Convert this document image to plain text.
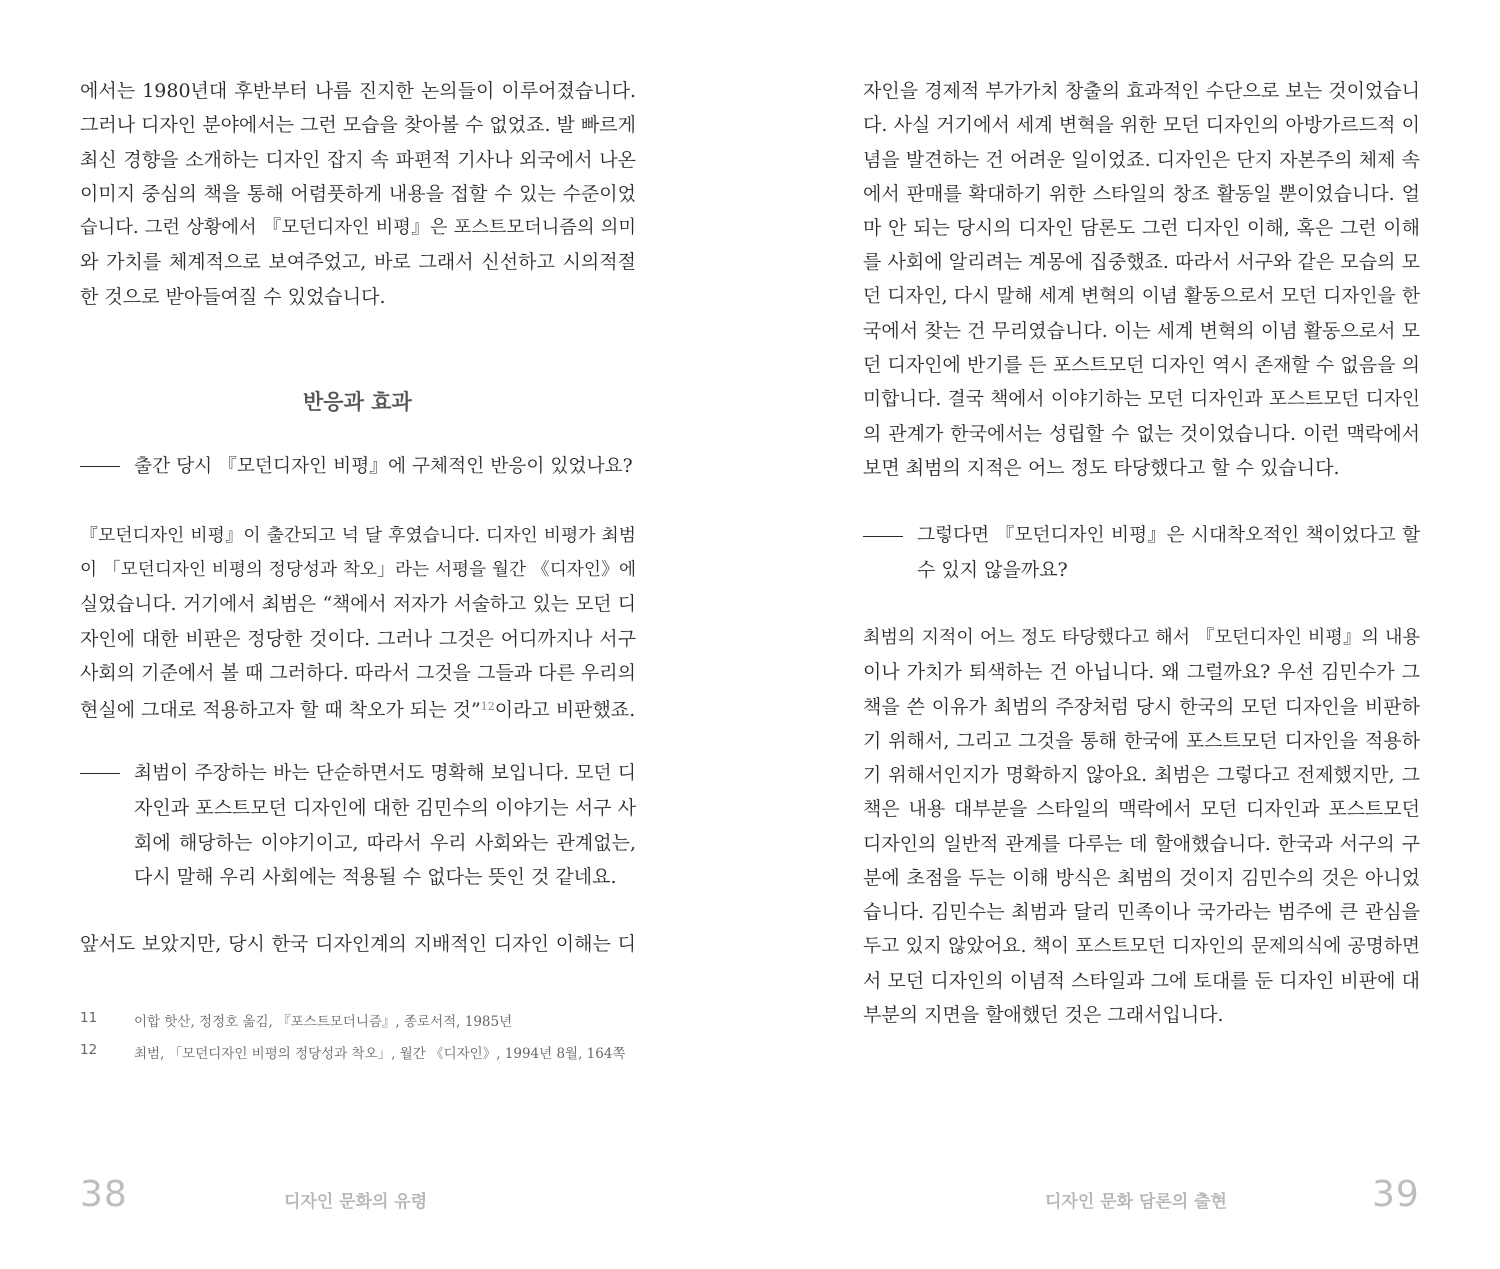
에서는 1980년대 후반부터 나름 진지한 논의들이 이루어졌습니다.
그러나 디자인 분야에서는 그런 모습을 찾아볼 수 없었죠. 발 빠르게
최신 경향을 소개하는 디자인 잡지 속 파편적 기사나 외국에서 나온
이미지 중심의 책을 통해 어렴풋하게 내용을 접할 수 있는 수준이었
습니다. 그런 상황에서 『모던디자인 비평』은 포스트모더니즘의 의미
와 가치를 체계적으로 보여주었고, 바로 그래서 신선하고 시의적절
한 것으로 받아들여질 수 있었습니다.
반응과 효과
출간 당시 『모던디자인 비평』에 구체적인 반응이 있었나요?
『모던디자인 비평』이 출간되고 넉 달 후였습니다. 디자인 비평가 최범
이 「모던디자인 비평의 정당성과 착오」라는 서평을 월간 《디자인》에
실었습니다. 거기에서 최범은 “책에서 저자가 서술하고 있는 모던 디
자인에 대한 비판은 정당한 것이다. 그러나 그것은 어디까지나 서구
사회의 기준에서 볼 때 그러하다. 따라서 그것을 그들과 다른 우리의
현실에 그대로 적용하고자 할 때 착오가 되는 것”$^{12}$이라고 비판했죠.
최범이 주장하는 바는 단순하면서도 명확해 보입니다. 모던 디
자인과 포스트모던 디자인에 대한 김민수의 이야기는 서구 사
회에 해당하는 이야기이고, 따라서 우리 사회와는 관계없는,
다시 말해 우리 사회에는 적용될 수 없다는 뜻인 것 같네요.
앞서도 보았지만, 당시 한국 디자인계의 지배적인 디자인 이해는 디
11	이합 핫산, 정정호 옮김, 『포스트모더니즘』, 종로서적, 1985년
12	최범, 「모던디자인 비평의 정당성과 착오」, 월간 《디자인》, 1994년 8월, 164쪽
38	디자인 문화의 유령
자인을 경제적 부가가치 창출의 효과적인 수단으로 보는 것이었습니
다. 사실 거기에서 세계 변혁을 위한 모던 디자인의 아방가르드적 이
념을 발견하는 건 어려운 일이었죠. 디자인은 단지 자본주의 체제 속
에서 판매를 확대하기 위한 스타일의 창조 활동일 뿐이었습니다. 얼
마 안 되는 당시의 디자인 담론도 그런 디자인 이해, 혹은 그런 이해
를 사회에 알리려는 계몽에 집중했죠. 따라서 서구와 같은 모습의 모
던 디자인, 다시 말해 세계 변혁의 이념 활동으로서 모던 디자인을 한
국에서 찾는 건 무리였습니다. 이는 세계 변혁의 이념 활동으로서 모
던 디자인에 반기를 든 포스트모던 디자인 역시 존재할 수 없음을 의
미합니다. 결국 책에서 이야기하는 모던 디자인과 포스트모던 디자인
의 관계가 한국에서는 성립할 수 없는 것이었습니다. 이런 맥락에서
보면 최범의 지적은 어느 정도 타당했다고 할 수 있습니다.
그렇다면 『모던디자인 비평』은 시대착오적인 책이었다고 할
수 있지 않을까요?
최범의 지적이 어느 정도 타당했다고 해서 『모던디자인 비평』의 내용
이나 가치가 퇴색하는 건 아닙니다. 왜 그럴까요? 우선 김민수가 그
책을 쓴 이유가 최범의 주장처럼 당시 한국의 모던 디자인을 비판하
기 위해서, 그리고 그것을 통해 한국에 포스트모던 디자인을 적용하
기 위해서인지가 명확하지 않아요. 최범은 그렇다고 전제했지만, 그
책은 내용 대부분을 스타일의 맥락에서 모던 디자인과 포스트모던
디자인의 일반적 관계를 다루는 데 할애했습니다. 한국과 서구의 구
분에 초점을 두는 이해 방식은 최범의 것이지 김민수의 것은 아니었
습니다. 김민수는 최범과 달리 민족이나 국가라는 범주에 큰 관심을
두고 있지 않았어요. 책이 포스트모던 디자인의 문제의식에 공명하면
서 모던 디자인의 이념적 스타일과 그에 토대를 둔 디자인 비판에 대
부분의 지면을 할애했던 것은 그래서입니다.
디자인 문화 담론의 출현	39
